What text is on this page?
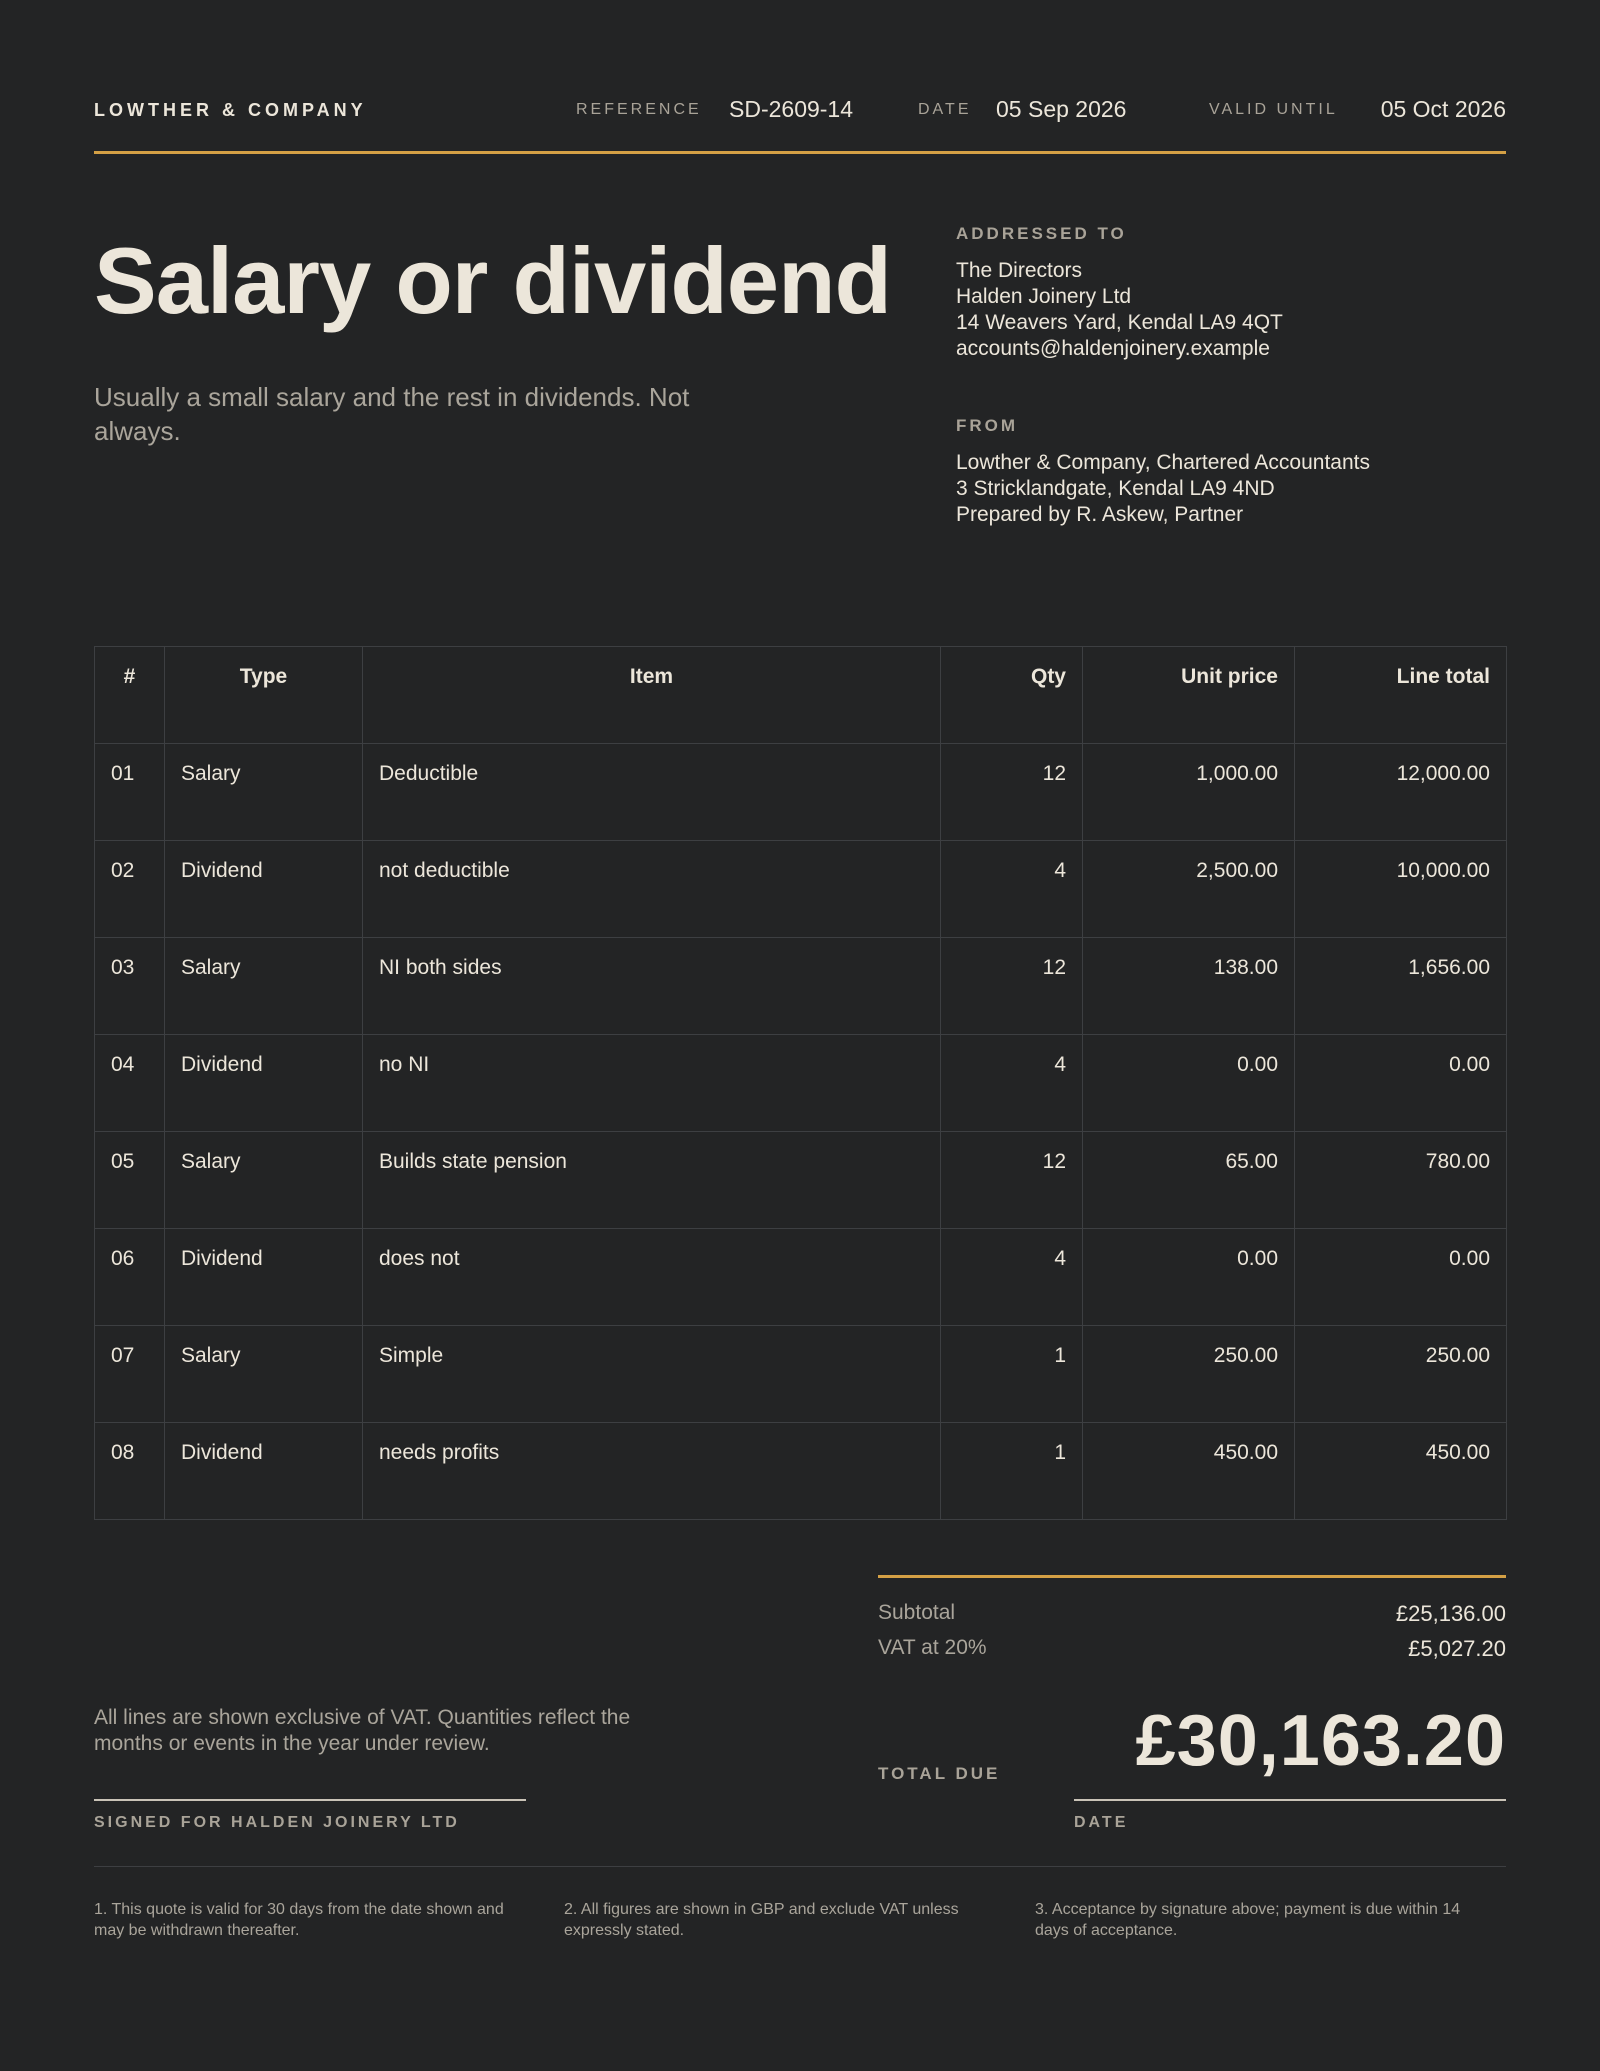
LOWTHER & COMPANY	REFERENCE SD-2609-14	DATE 05 Sep 2026	VALID UNTIL 05 Oct 2026
Salary or dividend
Usually a small salary and the rest in dividends. Not always.
ADDRESSED TO
The Directors
Halden Joinery Ltd
14 Weavers Yard, Kendal LA9 4QT
accounts@haldenjoinery.example
FROM
Lowther & Company, Chartered Accountants
3 Stricklandgate, Kendal LA9 4ND
Prepared by R. Askew, Partner
#	Type	Item	Qty	Unit price	Line total
01	Salary	Deductible	12	1,000.00	12,000.00
02	Dividend	not deductible	4	2,500.00	10,000.00
03	Salary	NI both sides	12	138.00	1,656.00
04	Dividend	no NI	4	0.00	0.00
05	Salary	Builds state pension	12	65.00	780.00
06	Dividend	does not	4	0.00	0.00
07	Salary	Simple	1	250.00	250.00
08	Dividend	needs profits	1	450.00	450.00
Subtotal	£25,136.00
VAT at 20%	£5,027.20
All lines are shown exclusive of VAT. Quantities reflect the months or events in the year under review.
TOTAL DUE £30,163.20
SIGNED FOR HALDEN JOINERY LTD	DATE
1. This quote is valid for 30 days from the date shown and may be withdrawn thereafter.
2. All figures are shown in GBP and exclude VAT unless expressly stated.
3. Acceptance by signature above; payment is due within 14 days of acceptance.
